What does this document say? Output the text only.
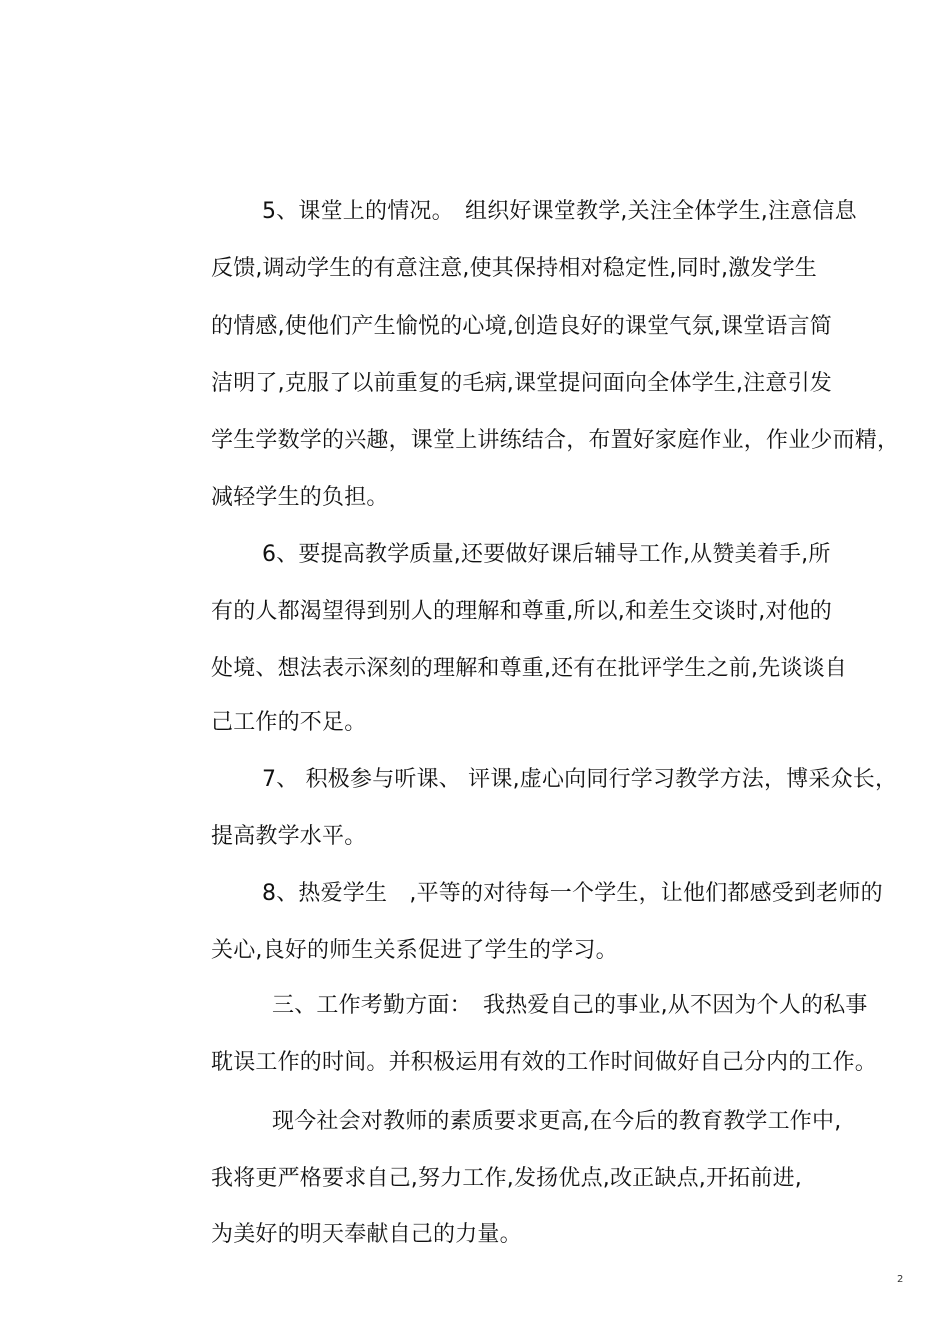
5、课堂上的情况。　组织好课堂教学,关注全体学生,注意信息
反馈,调动学生的有意注意,使其保持相对稳定性,同时,激发学生
的情感,使他们产生愉悦的心境,创造良好的课堂气氛,课堂语言简
洁明了,克服了以前重复的毛病,课堂提问面向全体学生,注意引发
学生学数学的兴趣，课堂上讲练结合，布置好家庭作业，作业少而精，
减轻学生的负担。
6、要提高教学质量,还要做好课后辅导工作,从赞美着手,所
有的人都渴望得到别人的理解和尊重,所以,和差生交谈时,对他的
处境、想法表示深刻的理解和尊重,还有在批评学生之前,先谈谈自
己工作的不足。
7、 积极参与听课、 评课,虚心向同行学习教学方法，博采众长，
提高教学水平。
8、热爱学生　,平等的对待每一个学生，让他们都感受到老师的
关心,良好的师生关系促进了学生的学习。
三、工作考勤方面：　我热爱自己的事业,从不因为个人的私事
耽误工作的时间。并积极运用有效的工作时间做好自己分内的工作。
现今社会对教师的素质要求更高,在今后的教育教学工作中,
我将更严格要求自己,努力工作,发扬优点,改正缺点,开拓前进,
为美好的明天奉献自己的力量。
2
